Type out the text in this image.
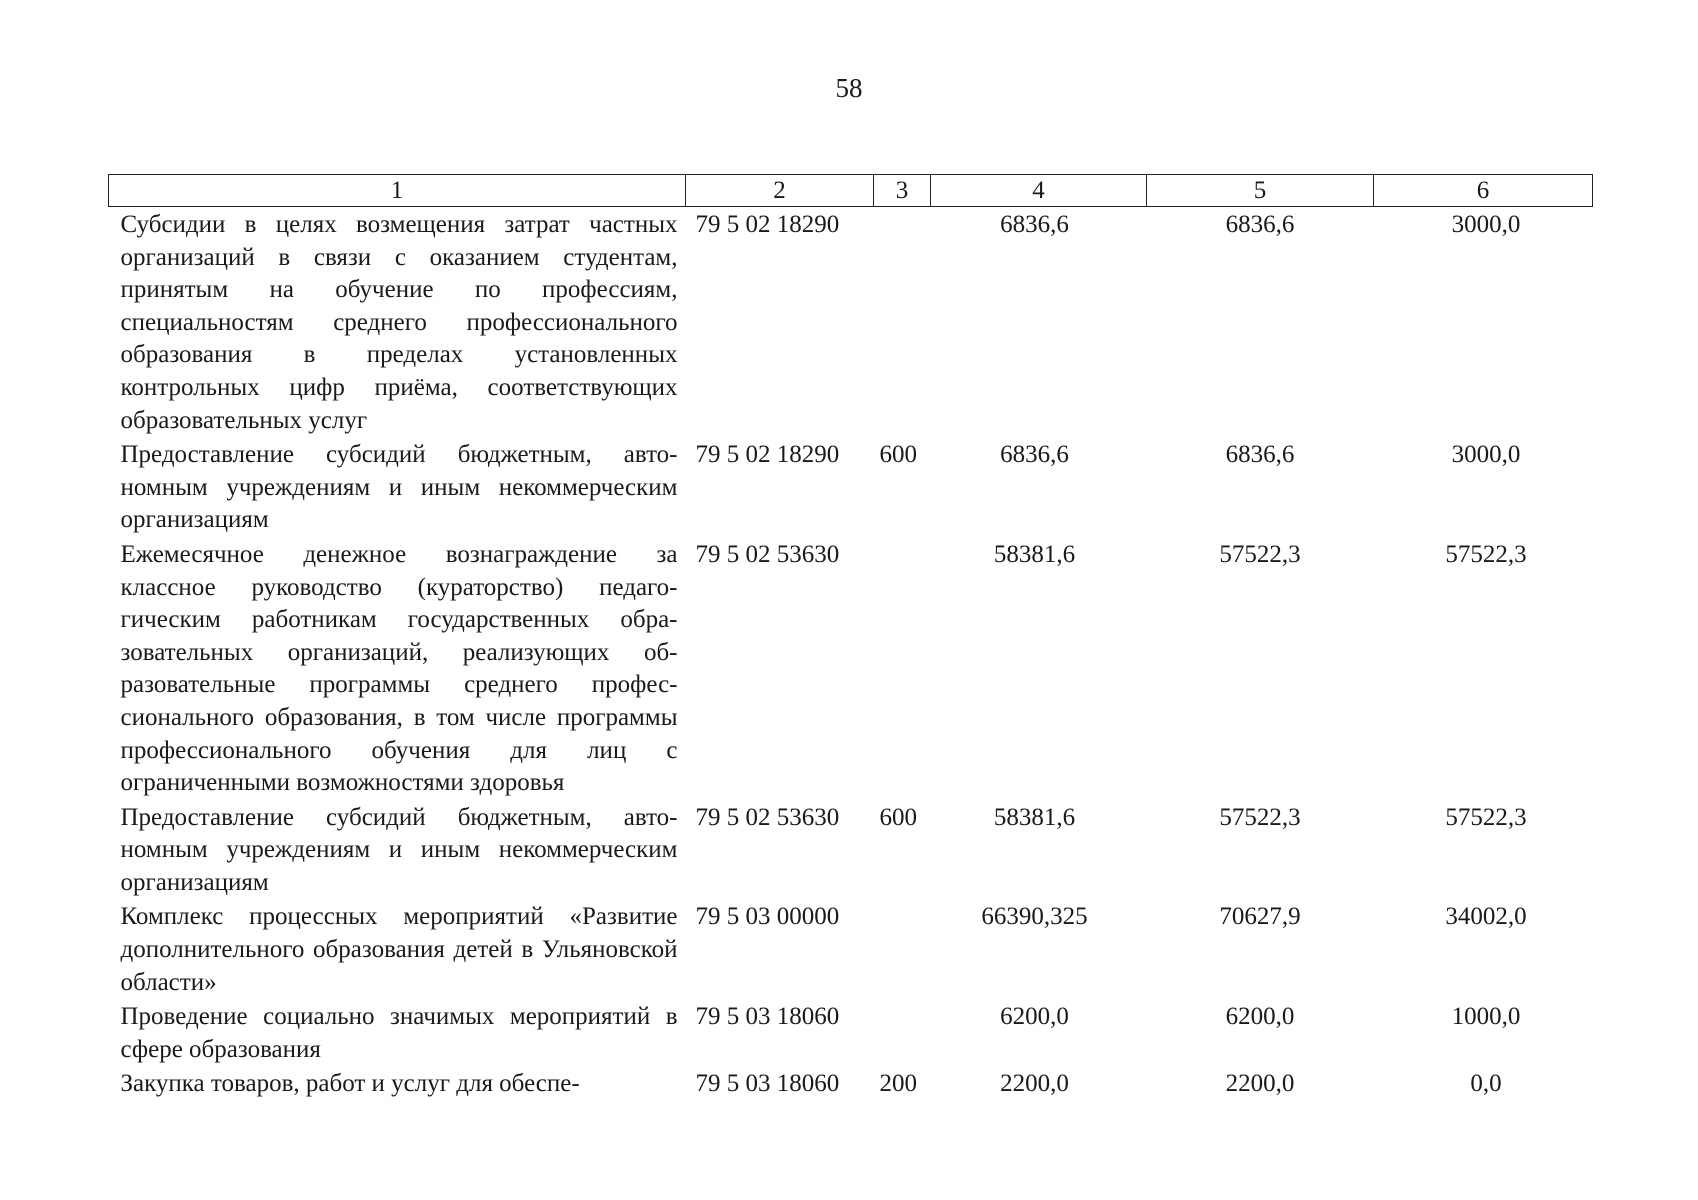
58
1	2	3	4	5	6
Субсидии в целях возмещения затрат частных организаций в связи с оказанием студентам, принятым на обучение по профессиям, специальностям среднего профессионального образования в пределах установленных контрольных цифр приёма, соответствующих образовательных услуг	79 5 02 18290		6836,6	6836,6	3000,0
Предоставление субсидий бюджетным, автономным учреждениям и иным некоммерческим организациям	79 5 02 18290	600	6836,6	6836,6	3000,0
Ежемесячное денежное вознаграждение за классное руководство (кураторство) педагогическим работникам государственных образовательных организаций, реализующих образовательные программы среднего профессионального образования, в том числе программы профессионального обучения для лиц с ограниченными возможностями здоровья	79 5 02 53630		58381,6	57522,3	57522,3
Предоставление субсидий бюджетным, автономным учреждениям и иным некоммерческим организациям	79 5 02 53630	600	58381,6	57522,3	57522,3
Комплекс процессных мероприятий «Развитие дополнительного образования детей в Ульяновской области»	79 5 03 00000		66390,325	70627,9	34002,0
Проведение социально значимых мероприятий в сфере образования	79 5 03 18060		6200,0	6200,0	1000,0
Закупка товаров, работ и услуг для обеспе-	79 5 03 18060	200	2200,0	2200,0	0,0
